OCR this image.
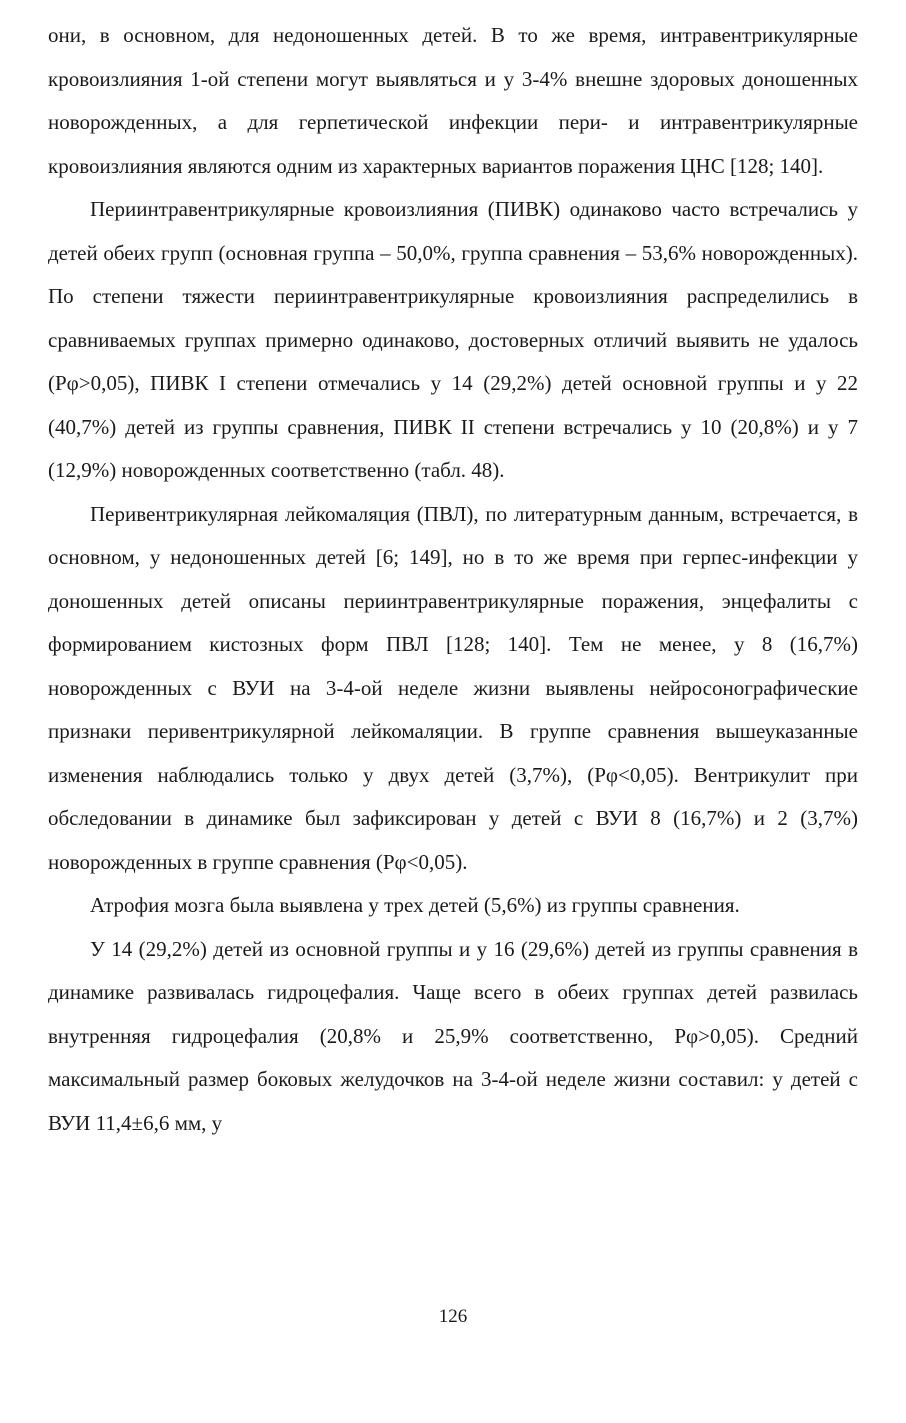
они, в основном, для недоношенных детей. В то же время, интравентрикулярные кровоизлияния 1-ой степени могут выявляться и у 3-4% внешне здоровых доношенных новорожденных, а для герпетической инфекции пери- и интравентрикулярные кровоизлияния являются одним из характерных вариантов поражения ЦНС [128; 140].

Периинтравентрикулярные кровоизлияния (ПИВК) одинаково часто встречались у детей обеих групп (основная группа – 50,0%, группа сравнения – 53,6% новорожденных). По степени тяжести периинтравентрикулярные кровоизлияния распределились в сравниваемых группах примерно одинаково, достоверных отличий выявить не удалось (Рφ>0,05), ПИВК I степени отмечались у 14 (29,2%) детей основной группы и у 22 (40,7%) детей из группы сравнения, ПИВК II степени встречались у 10 (20,8%) и у 7 (12,9%) новорожденных соответственно (табл. 48).

Перивентрикулярная лейкомаляция (ПВЛ), по литературным данным, встречается, в основном, у недоношенных детей [6; 149], но в то же время при герпес-инфекции у доношенных детей описаны периинтравентрикулярные поражения, энцефалиты с формированием кистозных форм ПВЛ [128; 140]. Тем не менее, у 8 (16,7%) новорожденных с ВУИ на 3-4-ой неделе жизни выявлены нейросонографические признаки перивентрикулярной лейкомаляции. В группе сравнения вышеуказанные изменения наблюдались только у двух детей (3,7%), (Рφ<0,05). Вентрикулит при обследовании в динамике был зафиксирован у детей с ВУИ 8 (16,7%) и 2 (3,7%) новорожденных в группе сравнения (Рφ<0,05).

Атрофия мозга была выявлена у трех детей (5,6%) из группы сравнения.

У 14 (29,2%) детей из основной группы и у 16 (29,6%) детей из группы сравнения в динамике развивалась гидроцефалия. Чаще всего в обеих группах детей развилась внутренняя гидроцефалия (20,8% и 25,9% соответственно, Рφ>0,05). Средний максимальный размер боковых желудочков на 3-4-ой неделе жизни составил: у детей с ВУИ 11,4±6,6 мм, у

126
